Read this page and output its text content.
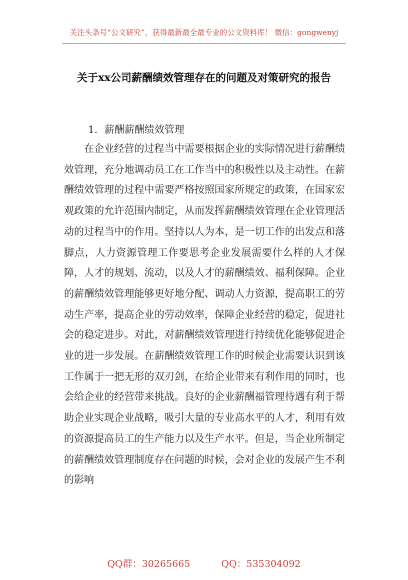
关注头条号“公文研究”，获得最新最全最专业的公文资料库！ 微信：gongwenyj
关于xx公司薪酬绩效管理存在的问题及对策研究的报告
1．薪酬薪酬绩效管理

在企业经营的过程当中需要根据企业的实际情况进行薪酬绩效管理，充分地调动员工在工作当中的积极性以及主动性。在薪酬绩效管理的过程中需要严格按照国家所规定的政策，在国家宏观政策的允许范围内制定，从而发挥薪酬绩效管理在企业管理活动的过程当中的作用。坚持以人为本，是一切工作的出发点和落脚点，人力资源管理工作要思考企业发展需要什么样的人才保障，人才的规划、流动，以及人才的薪酬绩效、福利保障。企业的薪酬绩效管理能够更好地分配、调动人力资源，提高职工的劳动生产率，提高企业的劳动效率，保障企业经营的稳定，促进社会的稳定进步。对此，对薪酬绩效管理进行持续优化能够促进企业的进一步发展。在薪酬绩效管理工作的时候企业需要认识到该工作属于一把无形的双刃剑，在给企业带来有利作用的同时，也会给企业的经营带来挑战。良好的企业薪酬福管理待遇有利于帮助企业实现企业战略，吸引大量的专业高水平的人才，利用有效的资源提高员工的生产能力以及生产水平。但是，当企业所制定的薪酬绩效管理制度存在问题的时候，会对企业的发展产生不利的影响

QQ群：30265665	QQ：535304092
